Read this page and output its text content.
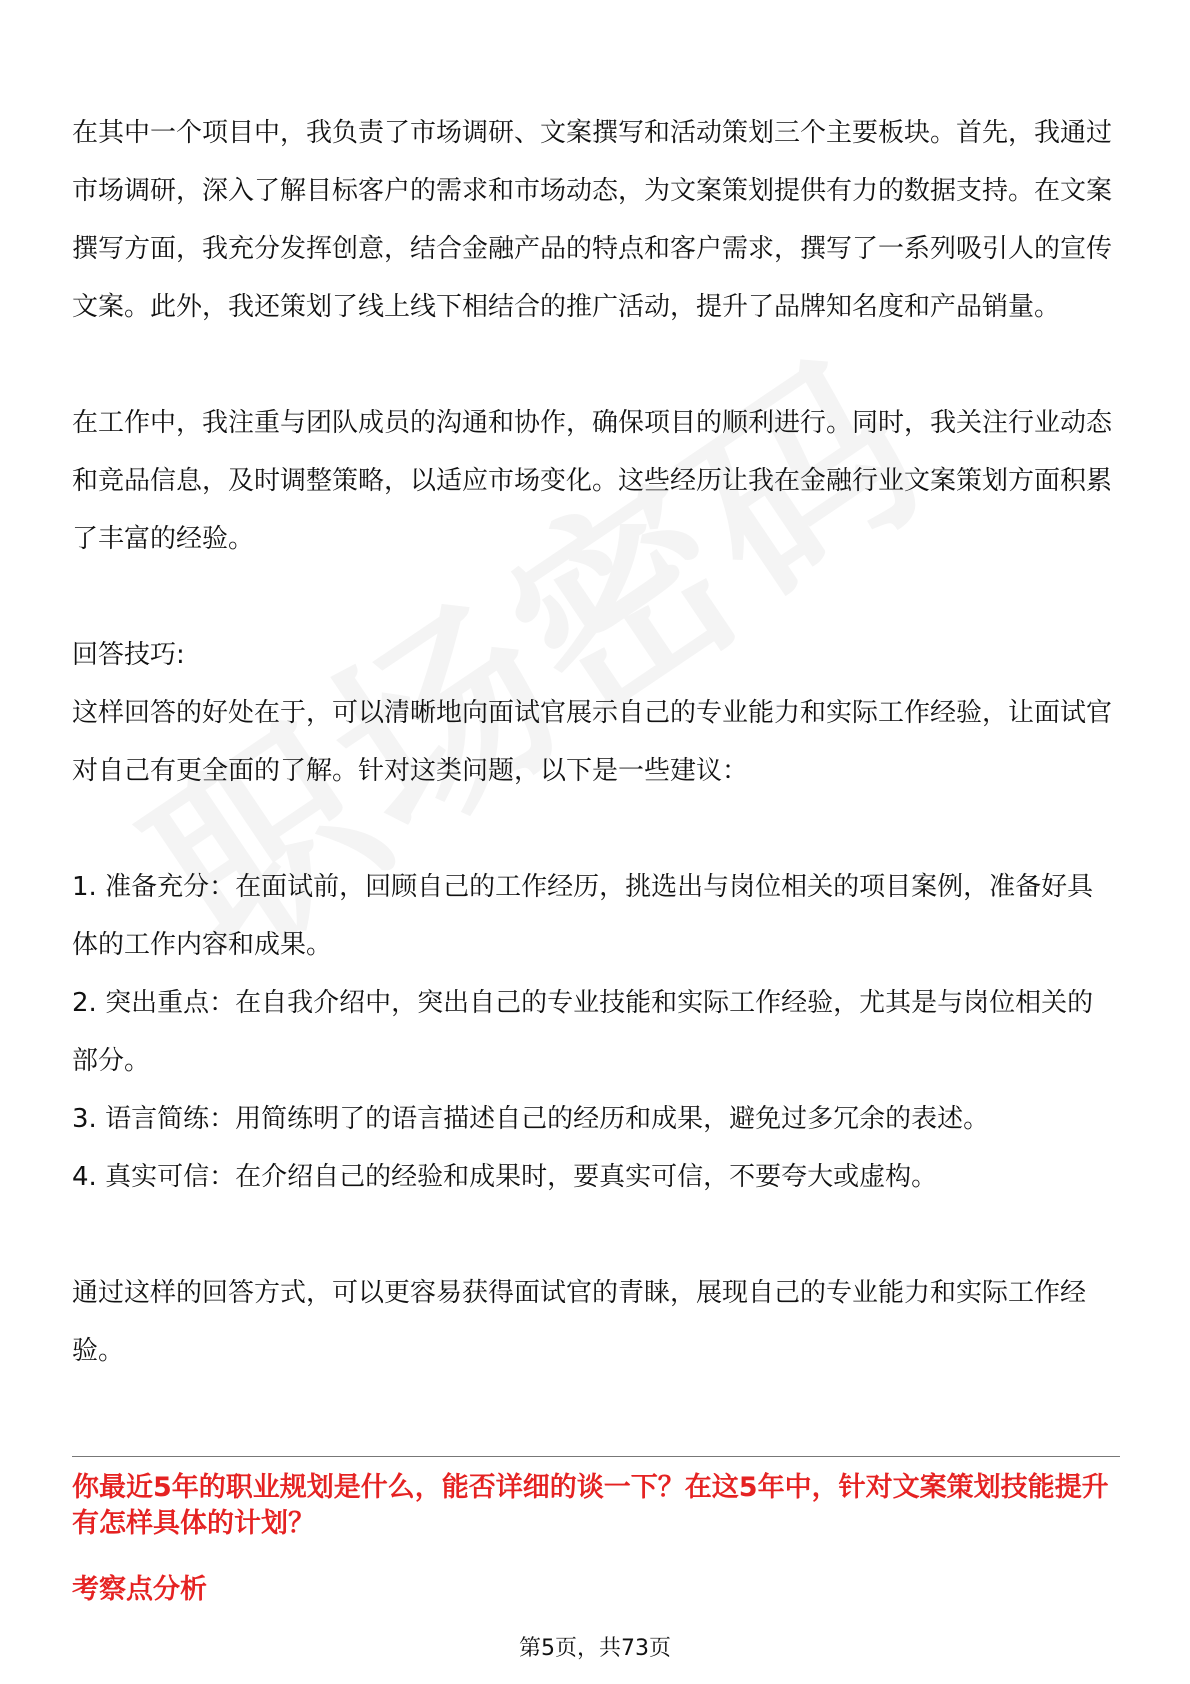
在其中一个项目中，我负责了市场调研、文案撰写和活动策划三个主要板块。首先，我通过市场调研，深入了解目标客户的需求和市场动态，为文案策划提供有力的数据支持。在文案撰写方面，我充分发挥创意，结合金融产品的特点和客户需求，撰写了一系列吸引人的宣传文案。此外，我还策划了线上线下相结合的推广活动，提升了品牌知名度和产品销量。

在工作中，我注重与团队成员的沟通和协作，确保项目的顺利进行。同时，我关注行业动态和竞品信息，及时调整策略，以适应市场变化。这些经历让我在金融行业文案策划方面积累了丰富的经验。

回答技巧:

这样回答的好处在于，可以清晰地向面试官展示自己的专业能力和实际工作经验，让面试官对自己有更全面的了解。针对这类问题，以下是一些建议：

1. 准备充分：在面试前，回顾自己的工作经历，挑选出与岗位相关的项目案例，准备好具体的工作内容和成果。
2. 突出重点：在自我介绍中，突出自己的专业技能和实际工作经验，尤其是与岗位相关的部分。
3. 语言简练：用简练明了的语言描述自己的经历和成果，避免过多冗余的表述。
4. 真实可信：在介绍自己的经验和成果时，要真实可信，不要夸大或虚构。

通过这样的回答方式，可以更容易获得面试官的青睐，展现自己的专业能力和实际工作经验。

你最近5年的职业规划是什么，能否详细的谈一下？在这5年中，针对文案策划技能提升有怎样具体的计划？

考察点分析

第5页，共73页
